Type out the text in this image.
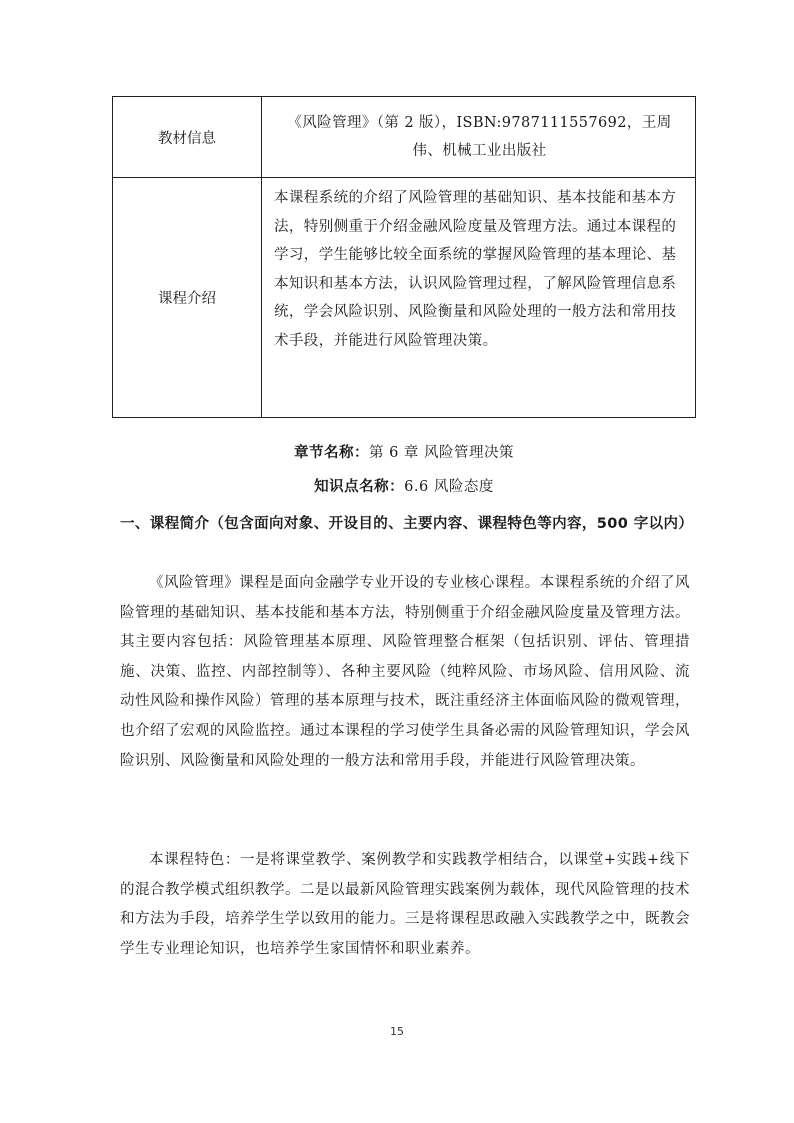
教材信息	《风险管理》（第 2 版），ISBN:9787111557692，王周伟、机械工业出版社
课程介绍	本课程系统的介绍了风险管理的基础知识、基本技能和基本方法，特别侧重于介绍金融风险度量及管理方法。通过本课程的学习，学生能够比较全面系统的掌握风险管理的基本理论、基本知识和基本方法，认识风险管理过程，了解风险管理信息系统，学会风险识别、风险衡量和风险处理的一般方法和常用技术手段，并能进行风险管理决策。
章节名称：第 6 章 风险管理决策
知识点名称：6.6 风险态度
一、课程简介（包含面向对象、开设目的、主要内容、课程特色等内容，500 字以内）

《风险管理》课程是面向金融学专业开设的专业核心课程。本课程系统的介绍了风险管理的基础知识、基本技能和基本方法，特别侧重于介绍金融风险度量及管理方法。其主要内容包括：风险管理基本原理、风险管理整合框架（包括识别、评估、管理措施、决策、监控、内部控制等）、各种主要风险（纯粹风险、市场风险、信用风险、流动性风险和操作风险）管理的基本原理与技术，既注重经济主体面临风险的微观管理，也介绍了宏观的风险监控。通过本课程的学习使学生具备必需的风险管理知识，学会风险识别、风险衡量和风险处理的一般方法和常用手段，并能进行风险管理决策。

本课程特色：一是将课堂教学、案例教学和实践教学相结合，以课堂+实践+线下的混合教学模式组织教学。二是以最新风险管理实践案例为载体，现代风险管理的技术和方法为手段，培养学生学以致用的能力。三是将课程思政融入实践教学之中，既教会学生专业理论知识，也培养学生家国情怀和职业素养。

15
